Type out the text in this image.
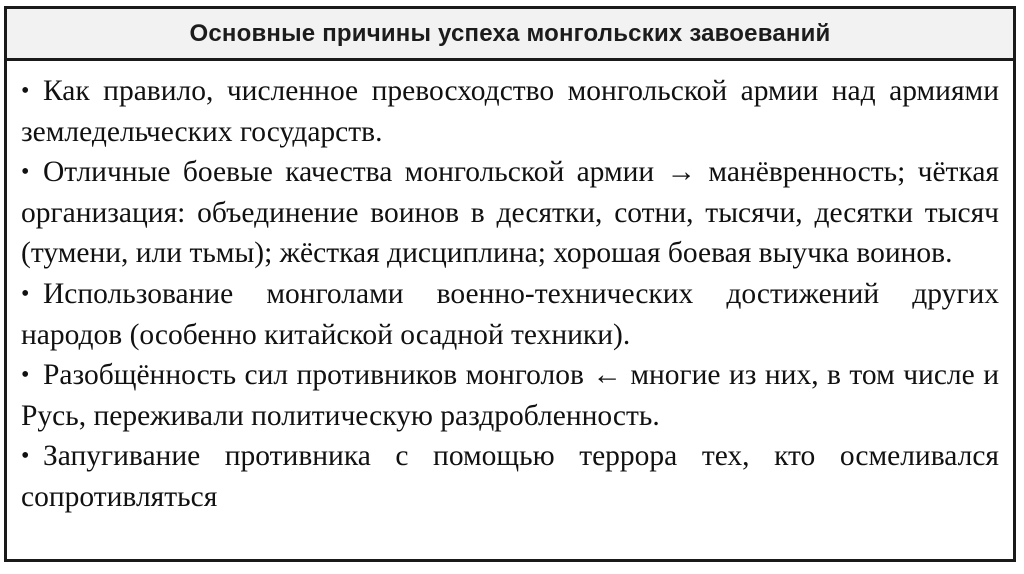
Основные причины успеха монгольских завоеваний

• Как правило, численное превосходство монгольской армии над армиями земледельческих государств.

• Отличные боевые качества монгольской армии → манёвренность; чёткая организация: объединение воинов в десятки, сотни, тысячи, десятки тысяч (тумени, или тьмы); жёсткая дисциплина; хорошая боевая выучка воинов.

• Использование монголами военно-технических достижений других народов (особенно китайской осадной техники).

• Разобщённость сил противников монголов ← многие из них, в том числе и Русь, переживали политическую раздробленность.

• Запугивание противника с помощью террора тех, кто осмеливался сопротивляться
